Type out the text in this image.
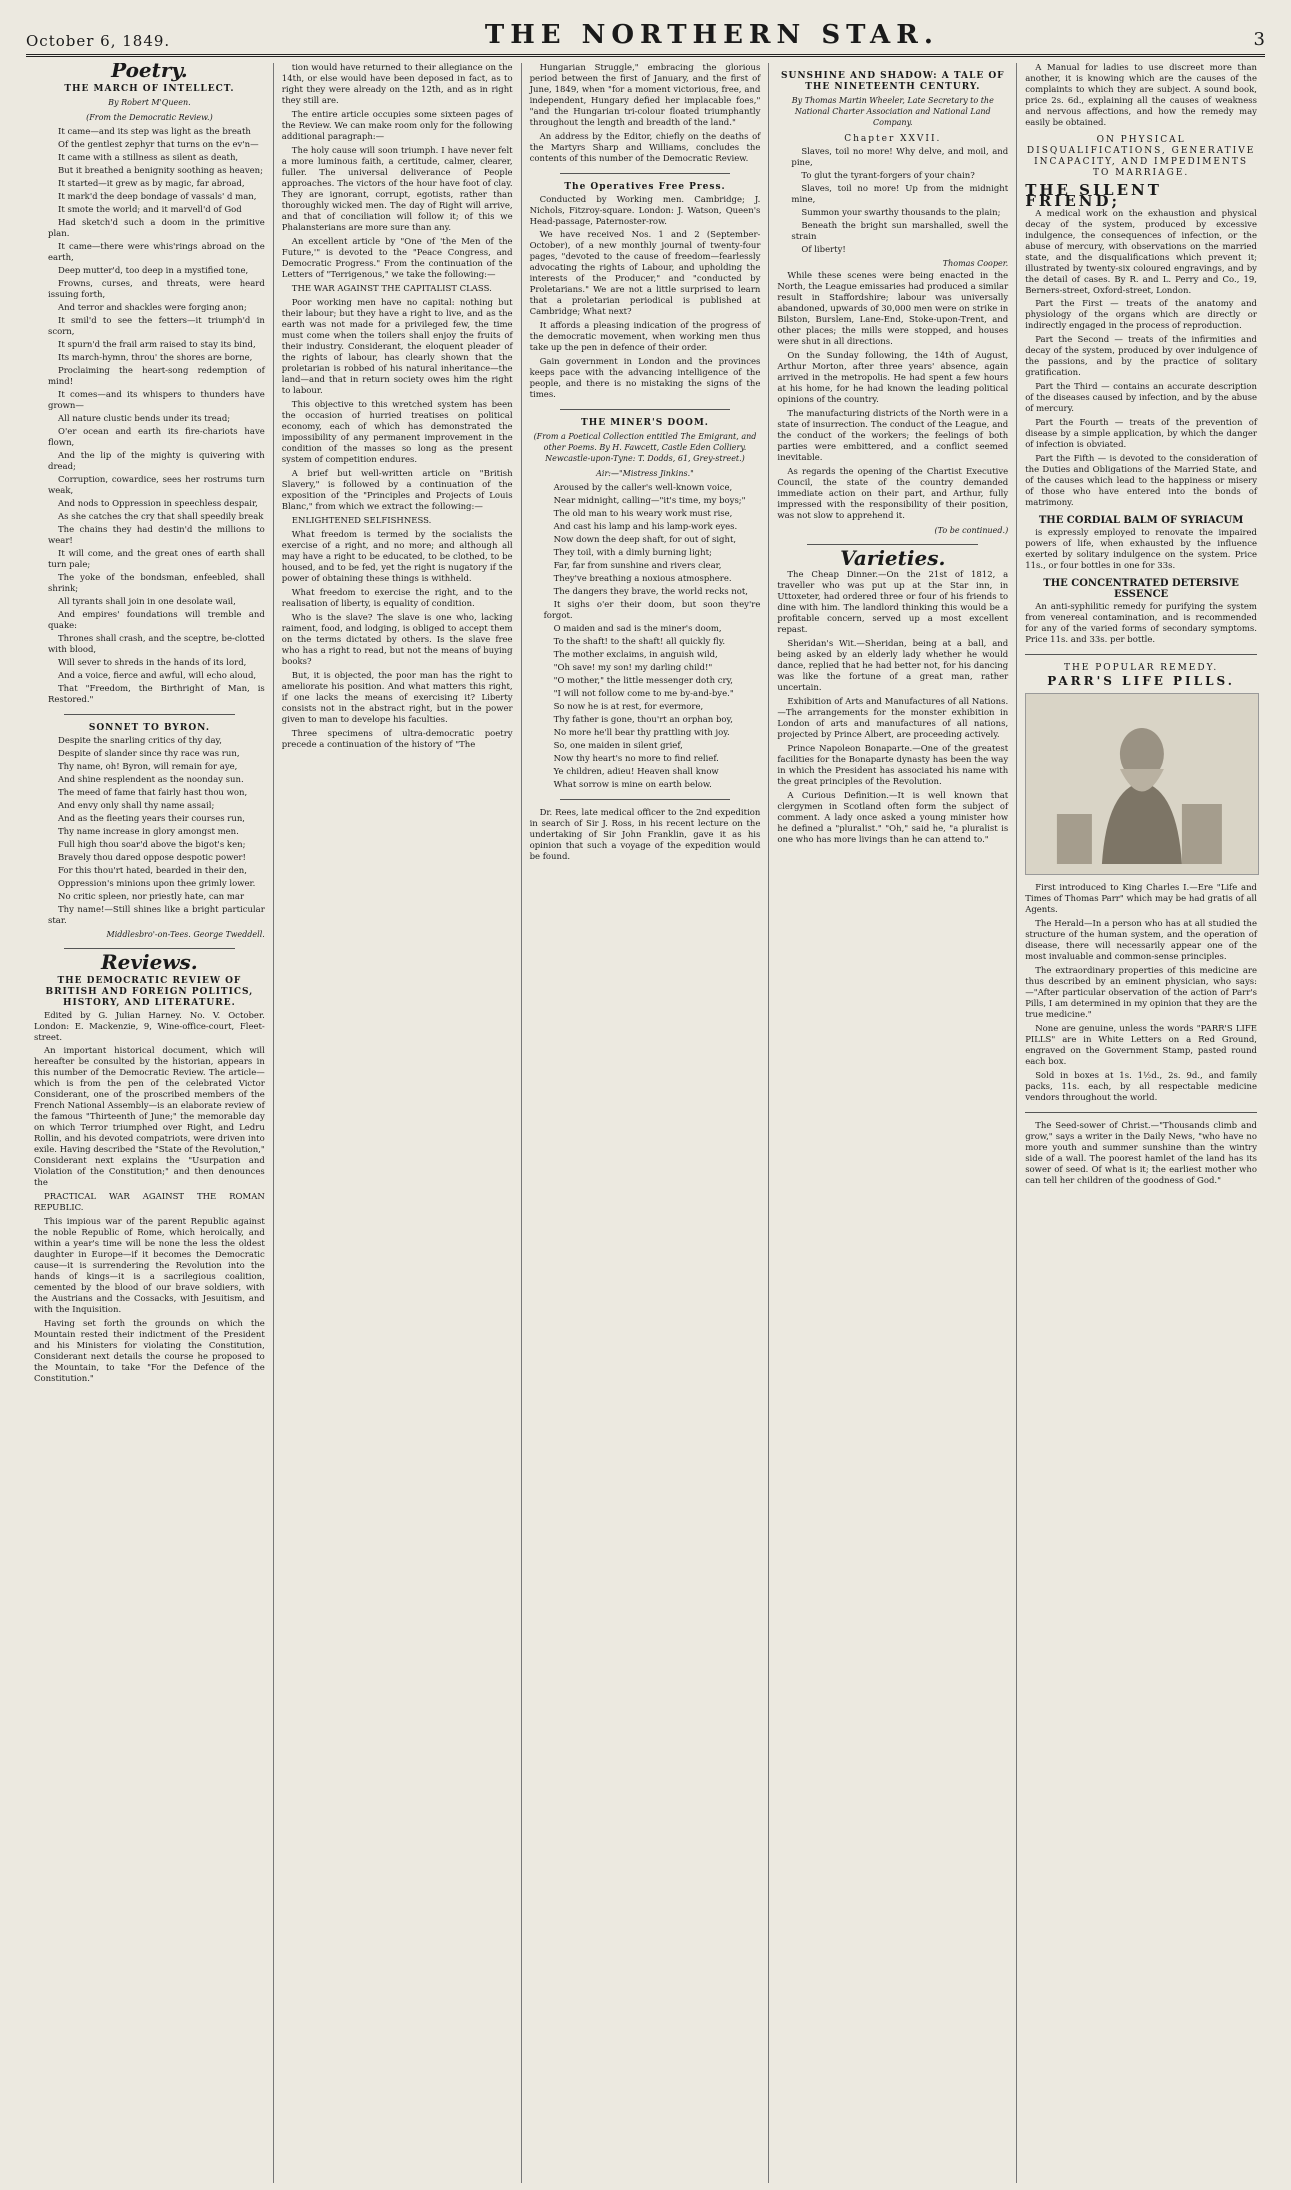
October 6, 1849.	THE NORTHERN STAR.	3
Poetry.
THE MARCH OF INTELLECT.
By Robert M'Queen.
(From the Democratic Review.)

It came—and its step was light as the breath

Of the gentlest zephyr that turns on the ev'n—

It came with a stillness as silent as death,

But it breathed a benignity soothing as heaven;

It started—it grew as by magic, far abroad,

It mark'd the deep bondage of vassals' d man,

It smote the world; and it marvell'd of God

Had sketch'd such a doom in the primitive plan.

It came—there were whis'rings abroad on the earth,

Deep mutter'd, too deep in a mystified tone,

Frowns, curses, and threats, were heard issuing forth,

And terror and shackles were forging anon;

It smil'd to see the fetters—it triumph'd in scorn,

It spurn'd the frail arm raised to stay its bind,

Its march-hymn, throu' the shores are borne,

Proclaiming the heart-song redemption of mind!

It comes—and its whispers to thunders have grown—

All nature clustic bends under its tread;

O'er ocean and earth its fire-chariots have flown,

And the lip of the mighty is quivering with dread;

Corruption, cowardice, sees her rostrums turn weak,

And nods to Oppression in speechless despair,

As she catches the cry that shall speedily break

The chains they had destin'd the millions to wear!

It will come, and the great ones of earth shall turn pale;

The yoke of the bondsman, enfeebled, shall shrink;

All tyrants shall join in one desolate wail,

And empires' foundations will tremble and quake:

Thrones shall crash, and the sceptre, be-clotted with blood,

Will sever to shreds in the hands of its lord,

And a voice, fierce and awful, will echo aloud,

That "Freedom, the Birthright of Man, is Restored."

SONNET TO BYRON.

Despite the snarling critics of thy day,

Despite of slander since thy race was run,

Thy name, oh! Byron, will remain for aye,

And shine resplendent as the noonday sun.

The meed of fame that fairly hast thou won,

And envy only shall thy name assail;

And as the fleeting years their courses run,

Thy name increase in glory amongst men.

Full high thou soar'd above the bigot's ken;

Bravely thou dared oppose despotic power!

For this thou'rt hated, bearded in their den,

Oppression's minions upon thee grimly lower.

No critic spleen, nor priestly hate, can mar

Thy name!—Still shines like a bright particular star.

Middlesbro'-on-Tees. George Tweddell.
Reviews.
THE DEMOCRATIC REVIEW OF BRITISH AND FOREIGN POLITICS, HISTORY, AND LITERATURE.

Edited by G. Julian Harney. No. V. October. London: E. Mackenzie, 9, Wine-office-court, Fleet-street.

An important historical document, which will hereafter be consulted by the historian, appears in this number of the Democratic Review. The article—which is from the pen of the celebrated Victor Considerant, one of the proscribed members of the French National Assembly—is an elaborate review of the famous "Thirteenth of June;" the memorable day on which Terror triumphed over Right, and Ledru Rollin, and his devoted compatriots, were driven into exile. Having described the "State of the Revolution," Considerant next explains the "Usurpation and Violation of the Constitution;" and then denounces the

PRACTICAL WAR AGAINST THE ROMAN REPUBLIC.

This impious war of the parent Republic against the noble Republic of Rome, which heroically, and within a year's time will be none the less the oldest daughter in Europe—if it becomes the Democratic cause—it is surrendering the Revolution into the hands of kings—it is a sacrilegious coalition, cemented by the blood of our brave soldiers, with the Austrians and the Cossacks, with Jesuitism, and with the Inquisition.

Having set forth the grounds on which the Mountain rested their indictment of the President and his Ministers for violating the Constitution, Considerant next details the course he proposed to the Mountain, to take "For the Defence of the Constitution."

tion would have returned to their allegiance on the 14th, or else would have been deposed in fact, as to right they were already on the 12th, and as in right they still are.

The entire article occupies some sixteen pages of the Review. We can make room only for the following additional paragraph:—

The holy cause will soon triumph. I have never felt a more luminous faith, a certitude, calmer, clearer, fuller. The universal deliverance of People approaches. The victors of the hour have foot of clay. They are ignorant, corrupt, egotists, rather than thoroughly wicked men. The day of Right will arrive, and that of conciliation will follow it; of this we Phalansterians are more sure than any.

An excellent article by "One of 'the Men of the Future,'" is devoted to the "Peace Congress, and Democratic Progress." From the continuation of the Letters of "Terrigenous," we take the following:—

THE WAR AGAINST THE CAPITALIST CLASS.

Poor working men have no capital: nothing but their labour; but they have a right to live, and as the earth was not made for a privileged few, the time must come when the toilers shall enjoy the fruits of their industry. Considerant, the eloquent pleader of the rights of labour, has clearly shown that the proletarian is robbed of his natural inheritance—the land—and that in return society owes him the right to labour.

This objective to this wretched system has been the occasion of hurried treatises on political economy, each of which has demonstrated the impossibility of any permanent improvement in the condition of the masses so long as the present system of competition endures.

A brief but well-written article on "British Slavery," is followed by a continuation of the exposition of the "Principles and Projects of Louis Blanc," from which we extract the following:—

ENLIGHTENED SELFISHNESS.

What freedom is termed by the socialists the exercise of a right, and no more; and although all may have a right to be educated, to be clothed, to be housed, and to be fed, yet the right is nugatory if the power of obtaining these things is withheld.

What freedom to exercise the right, and to the realisation of liberty, is equality of condition.

Who is the slave? The slave is one who, lacking raiment, food, and lodging, is obliged to accept them on the terms dictated by others. Is the slave free who has a right to read, but not the means of buying books?

But, it is objected, the poor man has the right to ameliorate his position. And what matters this right, if one lacks the means of exercising it? Liberty consists not in the abstract right, but in the power given to man to develope his faculties.

Three specimens of ultra-democratic poetry precede a continuation of the history of "The

Hungarian Struggle," embracing the glorious period between the first of January, and the first of June, 1849, when "for a moment victorious, free, and independent, Hungary defied her implacable foes," "and the Hungarian tri-colour floated triumphantly throughout the length and breadth of the land."

An address by the Editor, chiefly on the deaths of the Martyrs Sharp and Williams, concludes the contents of this number of the Democratic Review.

The Operatives Free Press.

Conducted by Working men. Cambridge; J. Nichols, Fitzroy-square. London: J. Watson, Queen's Head-passage, Paternoster-row.

We have received Nos. 1 and 2 (September-October), of a new monthly journal of twenty-four pages, "devoted to the cause of freedom—fearlessly advocating the rights of Labour, and upholding the interests of the Producer," and "conducted by Proletarians." We are not a little surprised to learn that a proletarian periodical is published at Cambridge; What next?

It affords a pleasing indication of the progress of the democratic movement, when working men thus take up the pen in defence of their order.

Gain government in London and the provinces keeps pace with the advancing intelligence of the people, and there is no mistaking the signs of the times.

THE MINER'S DOOM.
(From a Poetical Collection entitled The Emigrant, and other Poems. By H. Fawcett, Castle Eden Colliery. Newcastle-upon-Tyne: T. Dodds, 61, Grey-street.)
Air:—"Mistress Jinkins."

Aroused by the caller's well-known voice,

Near midnight, calling—"it's time, my boys;"

The old man to his weary work must rise,

And cast his lamp and his lamp-work eyes.

Now down the deep shaft, for out of sight,

They toil, with a dimly burning light;

Far, far from sunshine and rivers clear,

They've breathing a noxious atmosphere.

The dangers they brave, the world recks not,

It sighs o'er their doom, but soon they're forgot.

O maiden and sad is the miner's doom,

To the shaft! to the shaft! all quickly fly.

The mother exclaims, in anguish wild,

"Oh save! my son! my darling child!"

"O mother," the little messenger doth cry,

"I will not follow come to me by-and-bye."

So now he is at rest, for evermore,

Thy father is gone, thou'rt an orphan boy,

No more he'll bear thy prattling with joy.

So, one maiden in silent grief,

Now thy heart's no more to find relief.

Ye children, adieu! Heaven shall know

What sorrow is mine on earth below.

Dr. Rees, late medical officer to the 2nd expedition in search of Sir J. Ross, in his recent lecture on the undertaking of Sir John Franklin, gave it as his opinion that such a voyage of the expedition would be found.

SUNSHINE AND SHADOW: A TALE OF THE NINETEENTH CENTURY.
By Thomas Martin Wheeler, Late Secretary to the National Charter Association and National Land Company.
Chapter XXVII.

Slaves, toil no more! Why delve, and moil, and pine,

To glut the tyrant-forgers of your chain?

Slaves, toil no more! Up from the midnight mine,

Summon your swarthy thousands to the plain;

Beneath the bright sun marshalled, swell the strain

Of liberty!

Thomas Cooper.

While these scenes were being enacted in the North, the League emissaries had produced a similar result in Staffordshire; labour was universally abandoned, upwards of 30,000 men were on strike in Bilston, Burslem, Lane-End, Stoke-upon-Trent, and other places; the mills were stopped, and houses were shut in all directions.

On the Sunday following, the 14th of August, Arthur Morton, after three years' absence, again arrived in the metropolis. He had spent a few hours at his home, for he had known the leading political opinions of the country.

The manufacturing districts of the North were in a state of insurrection. The conduct of the League, and the conduct of the workers; the feelings of both parties were embittered, and a conflict seemed inevitable.

As regards the opening of the Chartist Executive Council, the state of the country demanded immediate action on their part, and Arthur, fully impressed with the responsibility of their position, was not slow to apprehend it.

(To be continued.)
Varieties.

The Cheap Dinner.—On the 21st of 1812, a traveller who was put up at the Star inn, in Uttoxeter, had ordered three or four of his friends to dine with him. The landlord thinking this would be a profitable concern, served up a most excellent repast.

Sheridan's Wit.—Sheridan, being at a ball, and being asked by an elderly lady whether he would dance, replied that he had better not, for his dancing was like the fortune of a great man, rather uncertain.

Exhibition of Arts and Manufactures of all Nations.—The arrangements for the monster exhibition in London of arts and manufactures of all nations, projected by Prince Albert, are proceeding actively.

Prince Napoleon Bonaparte.—One of the greatest facilities for the Bonaparte dynasty has been the way in which the President has associated his name with the great principles of the Revolution.

A Curious Definition.—It is well known that clergymen in Scotland often form the subject of comment. A lady once asked a young minister how he defined a "pluralist." "Oh," said he, "a pluralist is one who has more livings than he can attend to."

A Manual for ladies to use discreet more than another, it is knowing which are the causes of the complaints to which they are subject. A sound book, price 2s. 6d., explaining all the causes of weakness and nervous affections, and how the remedy may easily be obtained.

ON PHYSICAL DISQUALIFICATIONS, GENERATIVE INCAPACITY, AND IMPEDIMENTS TO MARRIAGE.
THE SILENT FRIEND;

A medical work on the exhaustion and physical decay of the system, produced by excessive indulgence, the consequences of infection, or the abuse of mercury, with observations on the married state, and the disqualifications which prevent it; illustrated by twenty-six coloured engravings, and by the detail of cases. By R. and L. Perry and Co., 19, Berners-street, Oxford-street, London.

Part the First — treats of the anatomy and physiology of the organs which are directly or indirectly engaged in the process of reproduction.

Part the Second — treats of the infirmities and decay of the system, produced by over indulgence of the passions, and by the practice of solitary gratification.

Part the Third — contains an accurate description of the diseases caused by infection, and by the abuse of mercury.

Part the Fourth — treats of the prevention of disease by a simple application, by which the danger of infection is obviated.

Part the Fifth — is devoted to the consideration of the Duties and Obligations of the Married State, and of the causes which lead to the happiness or misery of those who have entered into the bonds of matrimony.

THE CORDIAL BALM OF SYRIACUM

is expressly employed to renovate the impaired powers of life, when exhausted by the influence exerted by solitary indulgence on the system. Price 11s., or four bottles in one for 33s.

THE CONCENTRATED DETERSIVE ESSENCE

An anti-syphilitic remedy for purifying the system from venereal contamination, and is recommended for any of the varied forms of secondary symptoms. Price 11s. and 33s. per bottle.

THE POPULAR REMEDY.
PARR'S LIFE PILLS.

First introduced to King Charles I.—Ere "Life and Times of Thomas Parr" which may be had gratis of all Agents.

The Herald—In a person who has at all studied the structure of the human system, and the operation of disease, there will necessarily appear one of the most invaluable and common-sense principles.

The extraordinary properties of this medicine are thus described by an eminent physician, who says:—"After particular observation of the action of Parr's Pills, I am determined in my opinion that they are the true medicine."

None are genuine, unless the words "PARR'S LIFE PILLS" are in White Letters on a Red Ground, engraved on the Government Stamp, pasted round each box.

Sold in boxes at 1s. 1½d., 2s. 9d., and family packs, 11s. each, by all respectable medicine vendors throughout the world.

The Seed-sower of Christ.—"Thousands climb and grow," says a writer in the Daily News, "who have no more youth and summer sunshine than the wintry side of a wall. The poorest hamlet of the land has its sower of seed. Of what is it; the earliest mother who can tell her children of the goodness of God."
